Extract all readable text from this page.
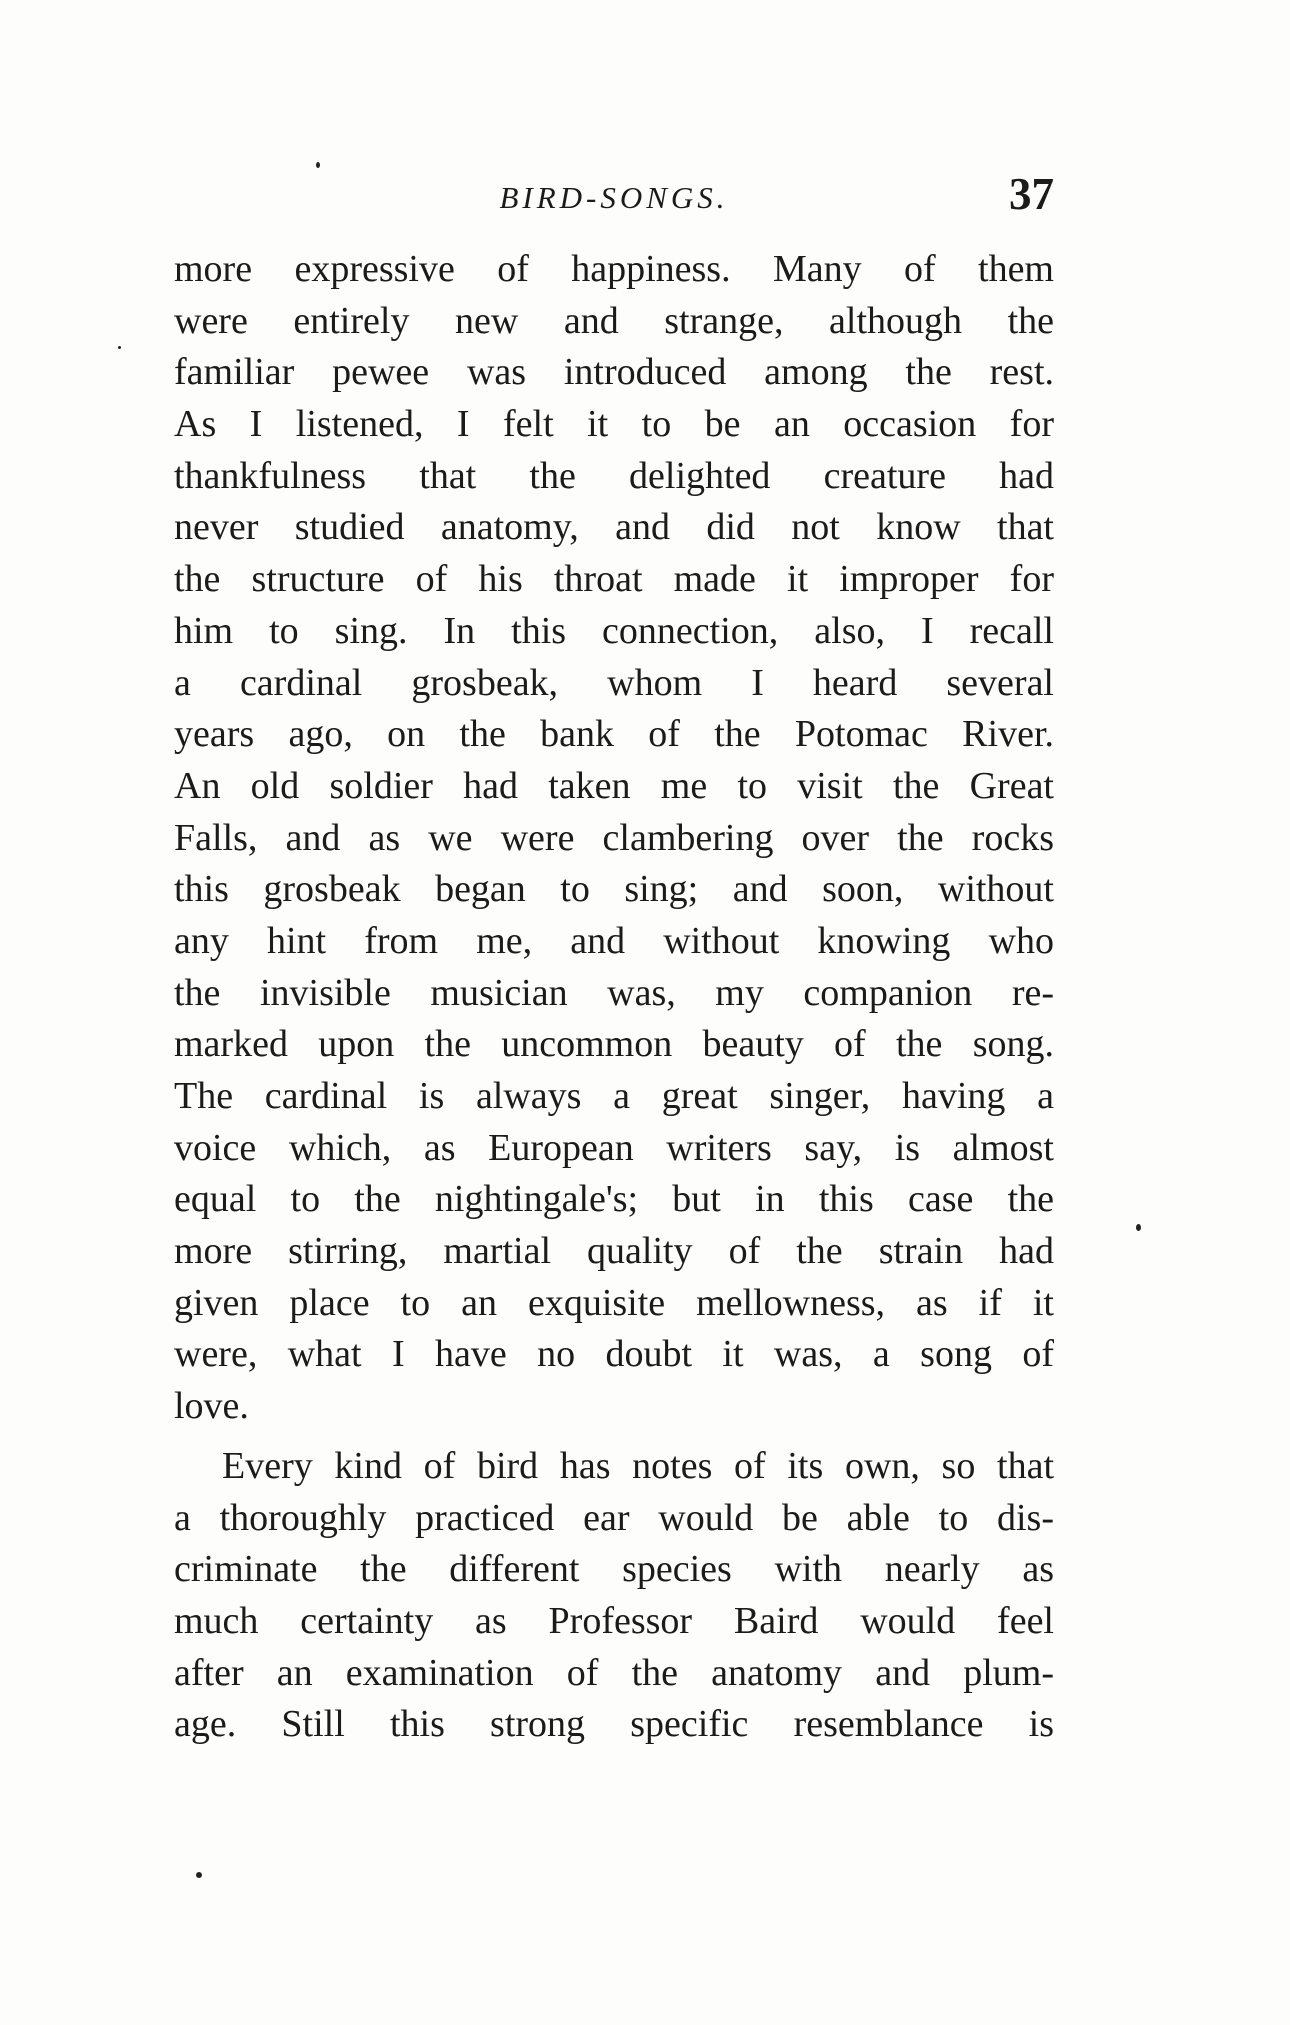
BIRD-SONGS.	37
more expressive of happiness. Many of them
were entirely new and strange, although the
familiar pewee was introduced among the rest.
As I listened, I felt it to be an occasion for
thankfulness that the delighted creature had
never studied anatomy, and did not know that
the structure of his throat made it improper for
him to sing. In this connection, also, I recall
a cardinal grosbeak, whom I heard several
years ago, on the bank of the Potomac River.
An old soldier had taken me to visit the Great
Falls, and as we were clambering over the rocks
this grosbeak began to sing; and soon, without
any hint from me, and without knowing who
the invisible musician was, my companion re-
marked upon the uncommon beauty of the song.
The cardinal is always a great singer, having a
voice which, as European writers say, is almost
equal to the nightingale's; but in this case the
more stirring, martial quality of the strain had
given place to an exquisite mellowness, as if it
were, what I have no doubt it was, a song of
love.
Every kind of bird has notes of its own, so that
a thoroughly practiced ear would be able to dis-
criminate the different species with nearly as
much certainty as Professor Baird would feel
after an examination of the anatomy and plum-
age. Still this strong specific resemblance is
